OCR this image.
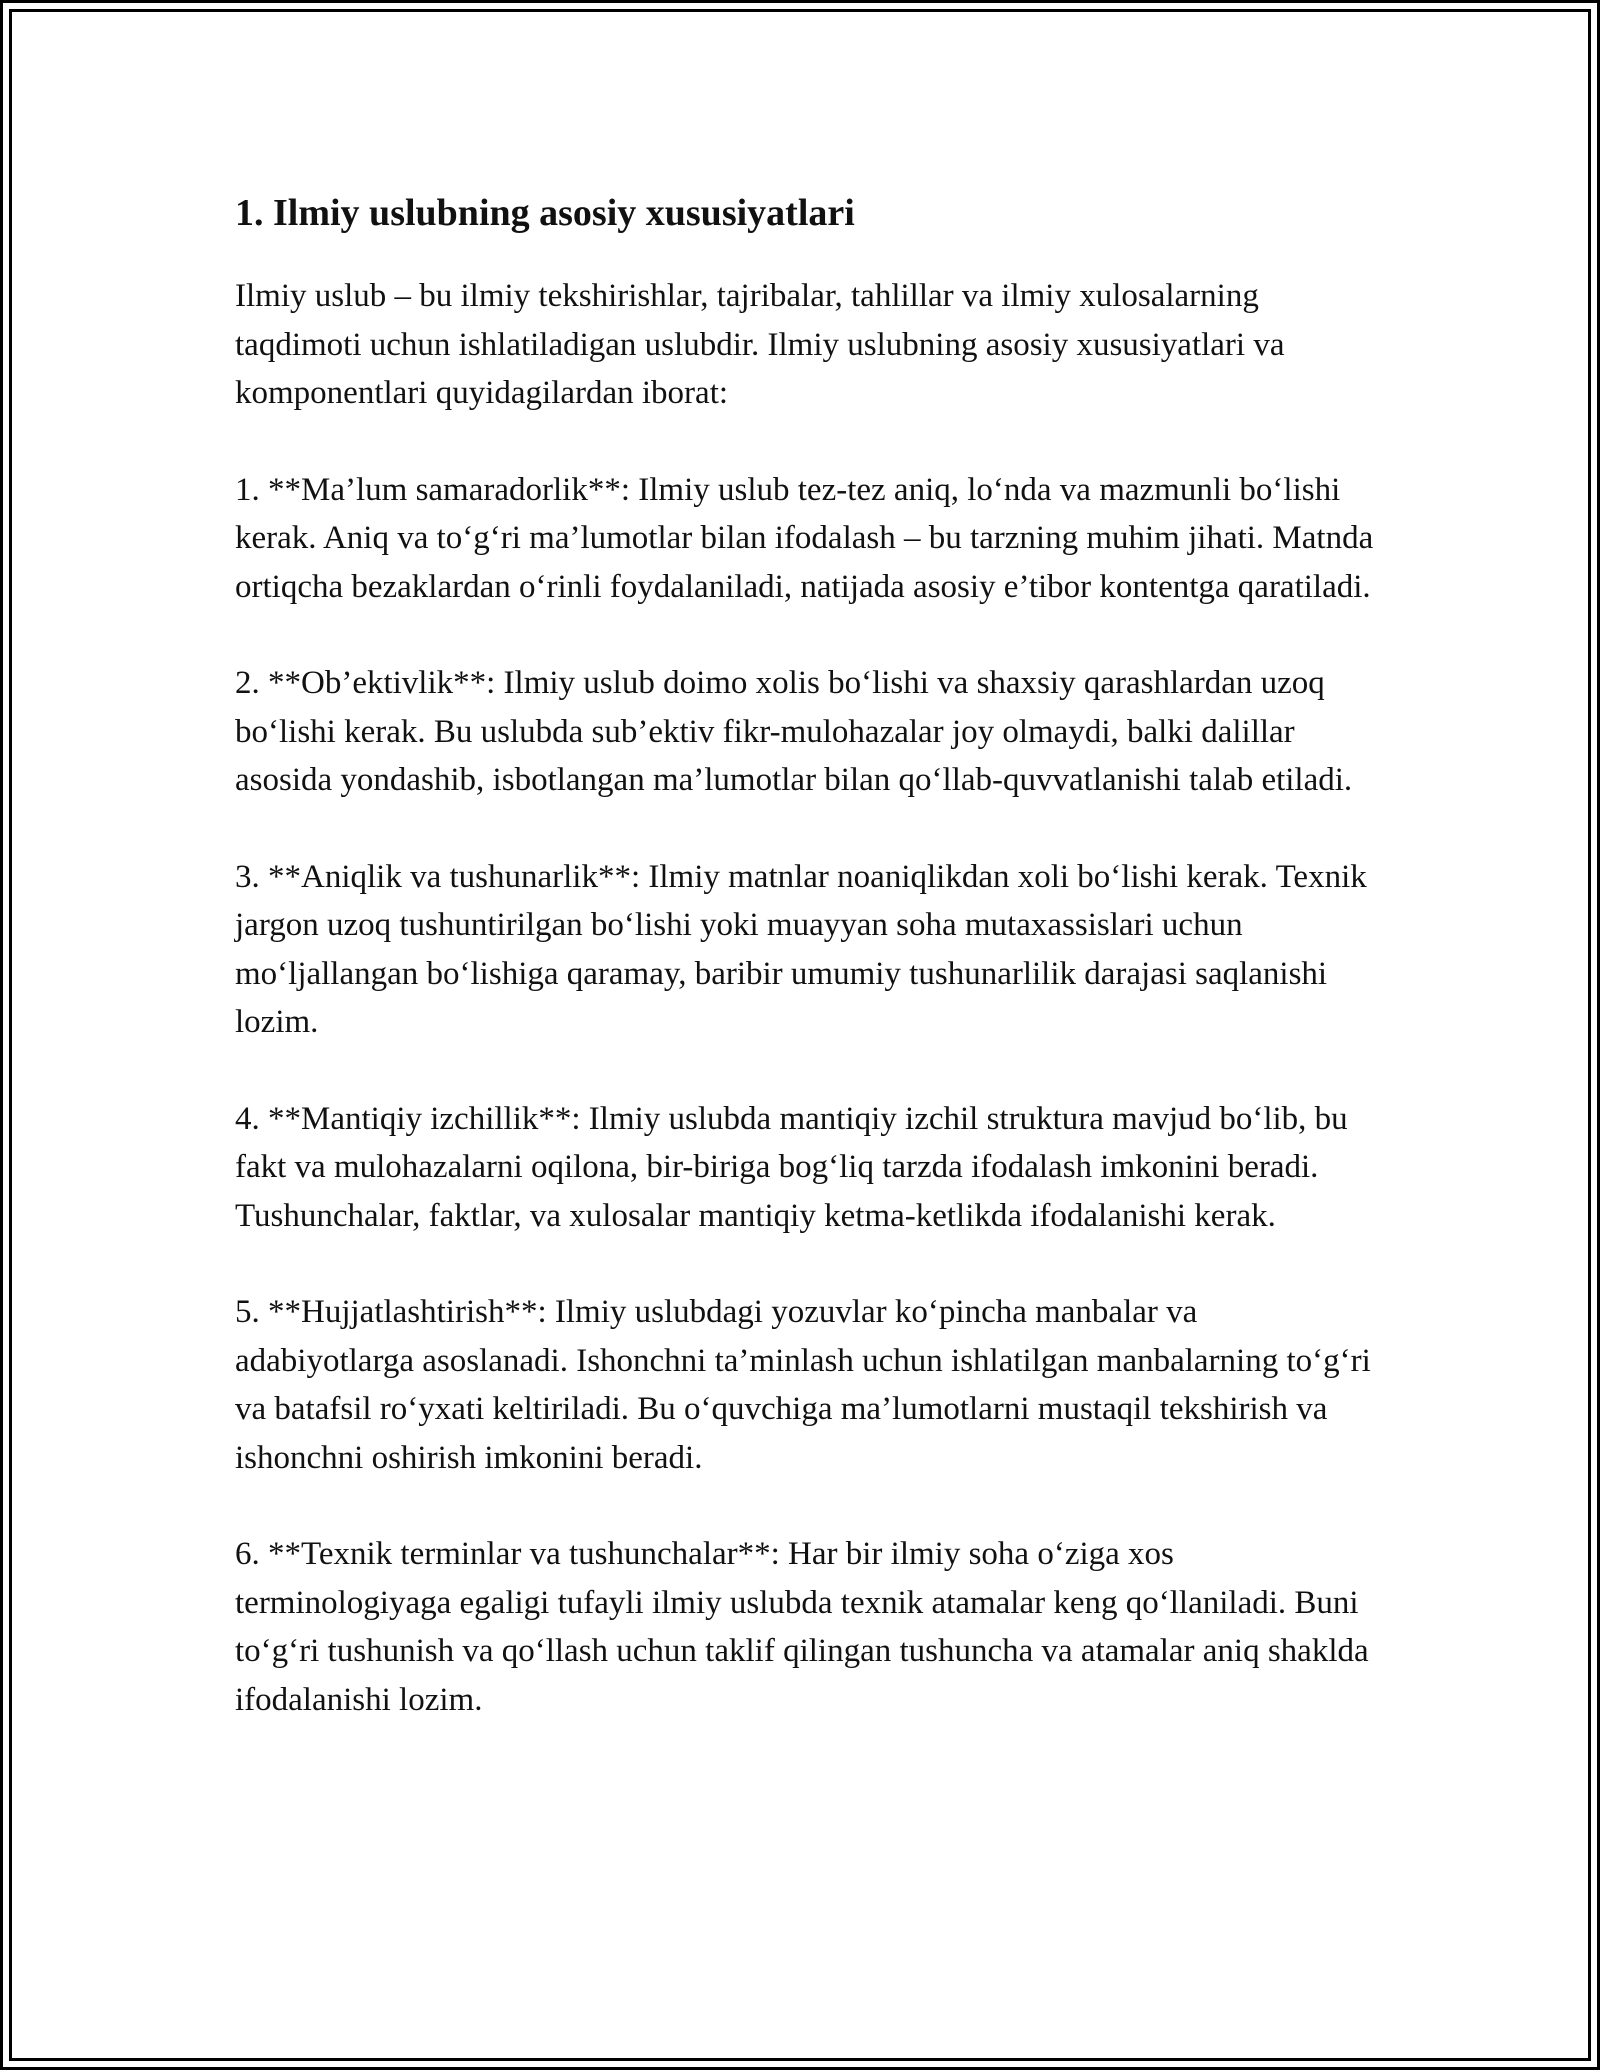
1. Ilmiy uslubning asosiy xususiyatlari

Ilmiy uslub – bu ilmiy tekshirishlar, tajribalar, tahlillar va ilmiy xulosalarning taqdimoti uchun ishlatiladigan uslubdir. Ilmiy uslubning asosiy xususiyatlari va komponentlari quyidagilardan iborat:

1. **Ma’lum samaradorlik**: Ilmiy uslub tez-tez aniq, lo‘nda va mazmunli bo‘lishi kerak. Aniq va to‘g‘ri ma’lumotlar bilan ifodalash – bu tarzning muhim jihati. Matnda ortiqcha bezaklardan o‘rinli foydalaniladi, natijada asosiy e’tibor kontentga qaratiladi.

2. **Ob’ektivlik**: Ilmiy uslub doimo xolis bo‘lishi va shaxsiy qarashlardan uzoq bo‘lishi kerak. Bu uslubda sub’ektiv fikr-mulohazalar joy olmaydi, balki dalillar asosida yondashib, isbotlangan ma’lumotlar bilan qo‘llab-quvvatlanishi talab etiladi.

3. **Aniqlik va tushunarlik**: Ilmiy matnlar noaniqlikdan xoli bo‘lishi kerak. Texnik jargon uzoq tushuntirilgan bo‘lishi yoki muayyan soha mutaxassislari uchun mo‘ljallangan bo‘lishiga qaramay, baribir umumiy tushunarlilik darajasi saqlanishi lozim.

4. **Mantiqiy izchillik**: Ilmiy uslubda mantiqiy izchil struktura mavjud bo‘lib, bu fakt va mulohazalarni oqilona, bir-biriga bog‘liq tarzda ifodalash imkonini beradi. Tushunchalar, faktlar, va xulosalar mantiqiy ketma-ketlikda ifodalanishi kerak.

5. **Hujjatlashtirish**: Ilmiy uslubdagi yozuvlar ko‘pincha manbalar va adabiyotlarga asoslanadi. Ishonchni ta’minlash uchun ishlatilgan manbalarning to‘g‘ri va batafsil ro‘yxati keltiriladi. Bu o‘quvchiga ma’lumotlarni mustaqil tekshirish va ishonchni oshirish imkonini beradi.

6. **Texnik terminlar va tushunchalar**: Har bir ilmiy soha o‘ziga xos terminologiyaga egaligi tufayli ilmiy uslubda texnik atamalar keng qo‘llaniladi. Buni to‘g‘ri tushunish va qo‘llash uchun taklif qilingan tushuncha va atamalar aniq shaklda ifodalanishi lozim.
